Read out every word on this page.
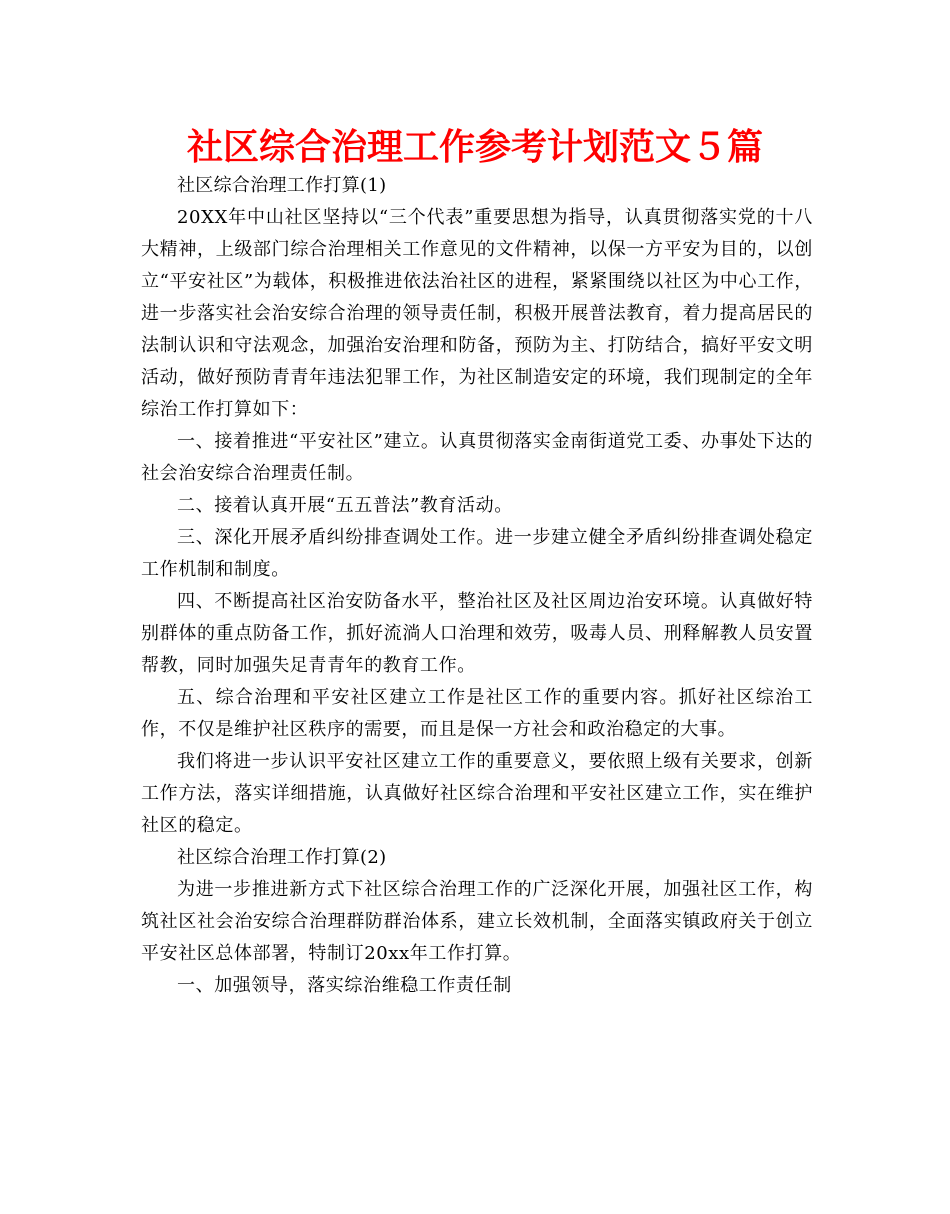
社区综合治理工作参考计划范文５篇

社区综合治理工作打算(1)

20XX年中山社区坚持以“三个代表”重要思想为指导，认真贯彻落实党的十八大精神，上级部门综合治理相关工作意见的文件精神，以保一方平安为目的，以创立“平安社区”为载体，积极推进依法治社区的进程，紧紧围绕以社区为中心工作，进一步落实社会治安综合治理的领导责任制，积极开展普法教育，着力提高居民的法制认识和守法观念，加强治安治理和防备，预防为主、打防结合，搞好平安文明活动，做好预防青青年违法犯罪工作，为社区制造安定的环境，我们现制定的全年综治工作打算如下：

一、接着推进“平安社区”建立。认真贯彻落实金南街道党工委、办事处下达的社会治安综合治理责任制。

二、接着认真开展“五五普法”教育活动。

三、深化开展矛盾纠纷排查调处工作。进一步建立健全矛盾纠纷排查调处稳定工作机制和制度。

四、不断提高社区治安防备水平，整治社区及社区周边治安环境。认真做好特别群体的重点防备工作，抓好流淌人口治理和效劳，吸毒人员、刑释解教人员安置帮教，同时加强失足青青年的教育工作。

五、综合治理和平安社区建立工作是社区工作的重要内容。抓好社区综治工作，不仅是维护社区秩序的需要，而且是保一方社会和政治稳定的大事。

我们将进一步认识平安社区建立工作的重要意义，要依照上级有关要求，创新工作方法，落实详细措施，认真做好社区综合治理和平安社区建立工作，实在维护社区的稳定。

社区综合治理工作打算(2)

为进一步推进新方式下社区综合治理工作的广泛深化开展，加强社区工作，构筑社区社会治安综合治理群防群治体系，建立长效机制，全面落实镇政府关于创立平安社区总体部署，特制订20xx年工作打算。

一、加强领导，落实综治维稳工作责任制
